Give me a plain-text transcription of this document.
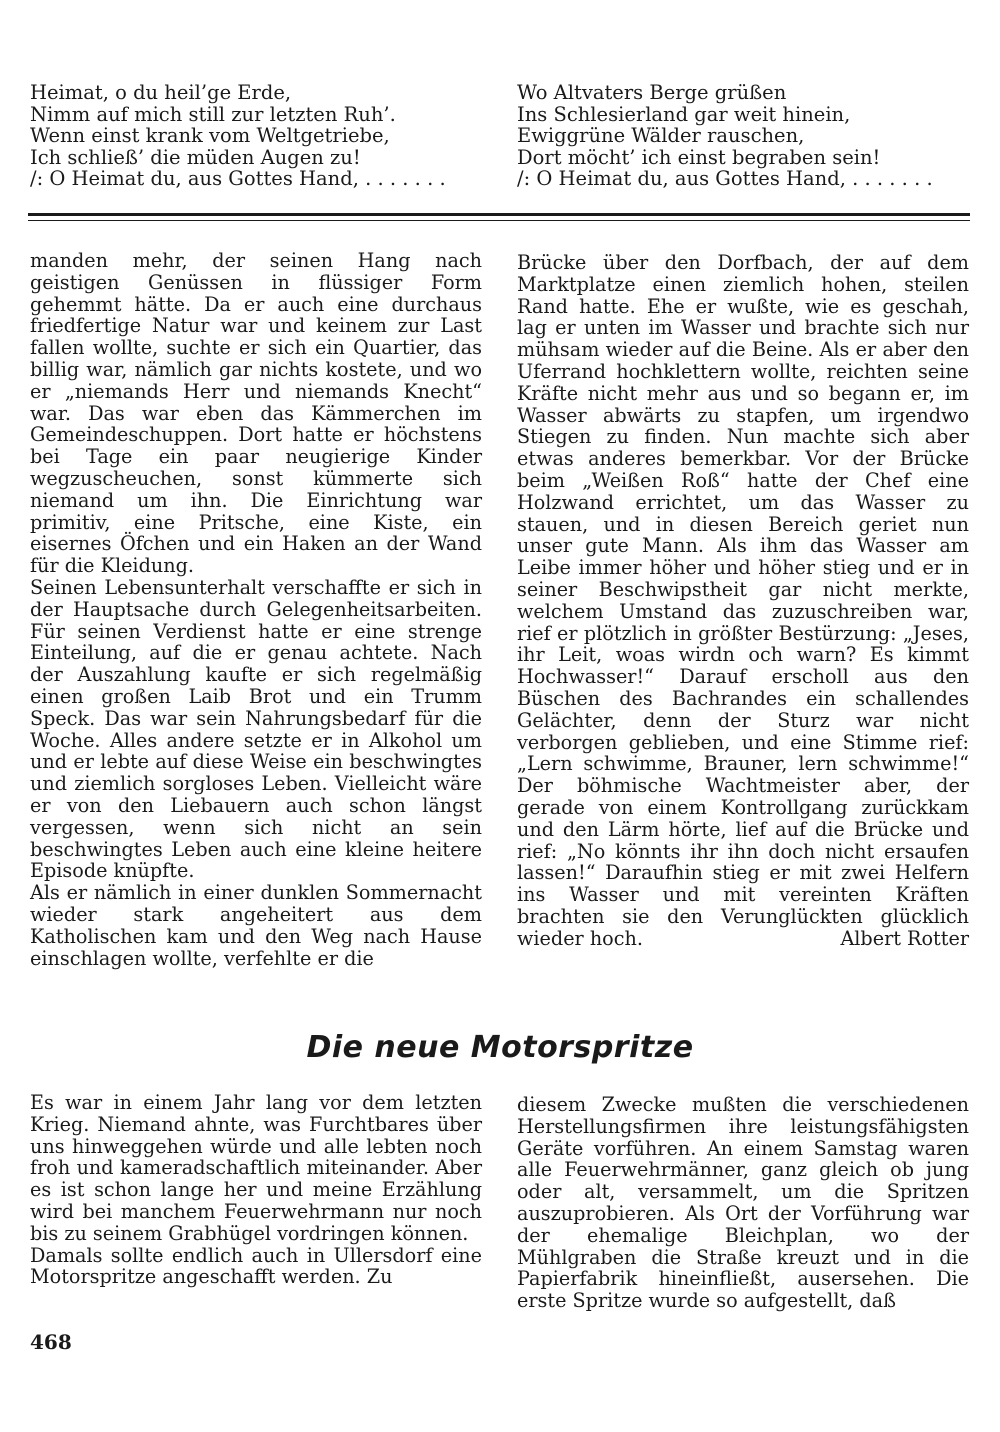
Heimat, o du heil’ge Erde,
Nimm auf mich still zur letzten Ruh’.
Wenn einst krank vom Weltgetriebe,
Ich schließ’ die müden Augen zu!
/: O Heimat du, aus Gottes Hand, . . . . . . .
Wo Altvaters Berge grüßen
Ins Schlesierland gar weit hinein,
Ewiggrüne Wälder rauschen,
Dort möcht’ ich einst begraben sein!
/: O Heimat du, aus Gottes Hand, . . . . . . .

manden mehr, der seinen Hang nach geistigen Genüssen in flüssiger Form gehemmt hätte. Da er auch eine durchaus friedfertige Natur war und keinem zur Last fallen wollte, suchte er sich ein Quartier, das billig war, nämlich gar nichts kostete, und wo er „niemands Herr und niemands Knecht“ war. Das war eben das Kämmerchen im Gemeindeschuppen. Dort hatte er höchstens bei Tage ein paar neugierige Kinder wegzuscheuchen, sonst kümmerte sich niemand um ihn. Die Einrichtung war primitiv, eine Pritsche, eine Kiste, ein eisernes Öfchen und ein Haken an der Wand für die Kleidung.

Seinen Lebensunterhalt verschaffte er sich in der Hauptsache durch Gelegenheitsarbeiten. Für seinen Verdienst hatte er eine strenge Einteilung, auf die er genau achtete. Nach der Auszahlung kaufte er sich regelmäßig einen großen Laib Brot und ein Trumm Speck. Das war sein Nahrungsbedarf für die Woche. Alles andere setzte er in Alkohol um und er lebte auf diese Weise ein beschwingtes und ziemlich sorgloses Leben. Vielleicht wäre er von den Liebauern auch schon längst vergessen, wenn sich nicht an sein beschwingtes Leben auch eine kleine heitere Episode knüpfte.

Als er nämlich in einer dunklen Sommernacht wieder stark angeheitert aus dem Katholischen kam und den Weg nach Hause einschlagen wollte, verfehlte er die

Brücke über den Dorfbach, der auf dem Marktplatze einen ziemlich hohen, steilen Rand hatte. Ehe er wußte, wie es geschah, lag er unten im Wasser und brachte sich nur mühsam wieder auf die Beine. Als er aber den Uferrand hochklettern wollte, reichten seine Kräfte nicht mehr aus und so begann er, im Wasser abwärts zu stapfen, um irgendwo Stiegen zu finden. Nun machte sich aber etwas anderes bemerkbar. Vor der Brücke beim „Weißen Roß“ hatte der Chef eine Holzwand errichtet, um das Wasser zu stauen, und in diesen Bereich geriet nun unser gute Mann. Als ihm das Wasser am Leibe immer höher und höher stieg und er in seiner Beschwipstheit gar nicht merkte, welchem Umstand das zuzuschreiben war, rief er plötzlich in größter Bestürzung: „Jeses, ihr Leit, woas wirdn och warn? Es kimmt Hochwasser!“ Darauf erscholl aus den Büschen des Bachrandes ein schallendes Gelächter, denn der Sturz war nicht verborgen geblieben, und eine Stimme rief: „Lern schwimme, Brauner, lern schwimme!“ Der böhmische Wachtmeister aber, der gerade von einem Kontrollgang zurückkam und den Lärm hörte, lief auf die Brücke und rief: „No könnts ihr ihn doch nicht ersaufen lassen!“ Daraufhin stieg er mit zwei Helfern ins Wasser und mit vereinten Kräften brachten sie den Verunglückten glücklich wieder hoch.	Albert Rotter
Die neue Motorspritze

Es war in einem Jahr lang vor dem letzten Krieg. Niemand ahnte, was Furchtbares über uns hinweggehen würde und alle lebten noch froh und kameradschaftlich miteinander. Aber es ist schon lange her und meine Erzählung wird bei manchem Feuerwehrmann nur noch bis zu seinem Grabhügel vordringen können.

Damals sollte endlich auch in Ullersdorf eine Motorspritze angeschafft werden. Zu

diesem Zwecke mußten die verschiedenen Herstellungsfirmen ihre leistungsfähigsten Geräte vorführen. An einem Samstag waren alle Feuerwehrmänner, ganz gleich ob jung oder alt, versammelt, um die Spritzen auszuprobieren. Als Ort der Vorführung war der ehemalige Bleichplan, wo der Mühlgraben die Straße kreuzt und in die Papierfabrik hineinfließt, ausersehen. Die erste Spritze wurde so aufgestellt, daß

468
